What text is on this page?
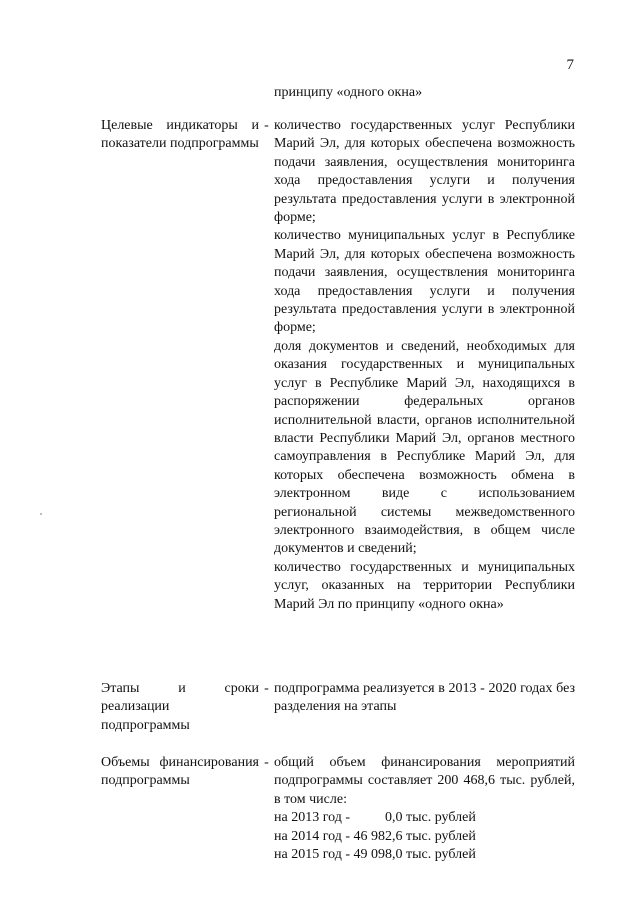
7
принципу «одного окна»
Целевые индикаторы и показатели подпрограммы
- количество государственных услуг Республики Марий Эл, для которых обеспечена возможность подачи заявления, осуществления мониторинга хода предоставления услуги и получения результата предоставления услуги в электронной форме;

количество муниципальных услуг в Республике Марий Эл, для которых обеспечена возможность подачи заявления, осуществления мониторинга хода предоставления услуги и получения результата предоставления услуги в электронной форме;

доля документов и сведений, необходимых для оказания государственных и муниципальных услуг в Республике Марий Эл, находящихся в распоряжении федеральных органов исполнительной власти, органов исполнительной власти Республики Марий Эл, органов местного самоуправления в Республике Марий Эл, для которых обеспечена возможность обмена в электронном виде с использованием региональной системы межведомственного электронного взаимодействия, в общем числе документов и сведений;

количество государственных и муниципальных услуг, оказанных на территории Республики Марий Эл по принципу «одного окна»

Этапы и сроки реализации подпрограммы
- подпрограмма реализуется в 2013 - 2020 годах без разделения на этапы

Объемы финансирования подпрограммы
- общий объем финансирования мероприятий подпрограммы составляет 200 468,6 тыс. рублей, в том числе:

на 2013 год -          0,0 тыс. рублей
на 2014 год - 46 982,6 тыс. рублей
на 2015 год - 49 098,0 тыс. рублей
